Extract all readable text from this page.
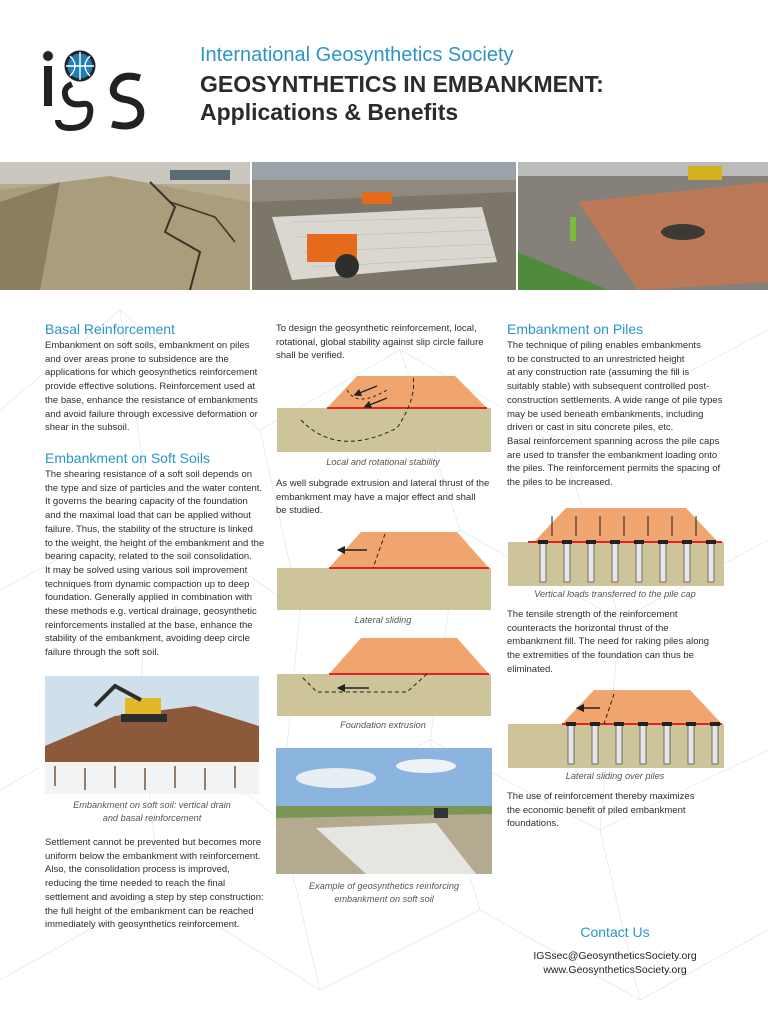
International Geosynthetics Society
GEOSYNTHETICS IN EMBANKMENT:
Applications & Benefits
Basal Reinforcement
Embankment on soft soils, embankment on piles
and over areas prone to subsidence are the
applications for which geosynthetics reinforcement
provide effective solutions. Reinforcement used at
the base, enhance the resistance of embankments
and avoid failure through excessive deformation or
shear in the subsoil.
Embankment on Soft Soils
The shearing resistance of a soft soil depends on
the type and size of particles and the water content.
It governs the bearing capacity of the foundation
and the maximal load that can be applied without
failure. Thus, the stability of the structure is linked
to the weight, the height of the embankment and the
bearing capacity, related to the soil consolidation.
It may be solved using various soil improvement
techniques from dynamic compaction up to deep
foundation. Generally applied in combination with
these methods e.g. vertical drainage, geosynthetic
reinforcements installed at the base, enhance the
stability of the embankment, avoiding deep circle
failure through the soft soil.
Embankment on soft soil: vertical drain
and basal reinforcement
Settlement cannot be prevented but becomes more
uniform below the embankment with reinforcement.
Also, the consolidation process is improved,
reducing the time needed to reach the final
settlement and avoiding a step by step construction:
the full height of the embankment can be reached
immediately with geosynthetics reinforcement.
To design the geosynthetic reinforcement, local,
rotational, global stability against slip circle failure
shall be verified.
Local and rotational stability
As well subgrade extrusion and lateral thrust of the
embankment may have a major effect and shall
be studied.
Lateral sliding
Foundation extrusion
Example of geosynthetics reinforcing
embankment on soft soil
Embankment on Piles
The technique of piling enables embankments
to be constructed to an unrestricted height
at any construction rate (assuming the fill is
suitably stable) with subsequent controlled post-
construction settlements. A wide range of pile types
may be used beneath embankments, including
driven or cast in situ concrete piles, etc.
Basal reinforcement spanning across the pile caps
are used to transfer the embankment loading onto
the piles. The reinforcement permits the spacing of
the piles to be increased.
Vertical loads transferred to the pile cap
The tensile strength of the reinforcement
counteracts the horizontal thrust of the
embankment fill. The need for raking piles along
the extremities of the foundation can thus be
eliminated.
Lateral sliding over piles
The use of reinforcement thereby maximizes
the economic benefit of piled embankment
foundations.
Contact Us
IGSsec@GeosyntheticsSociety.org
www.GeosyntheticsSociety.org
